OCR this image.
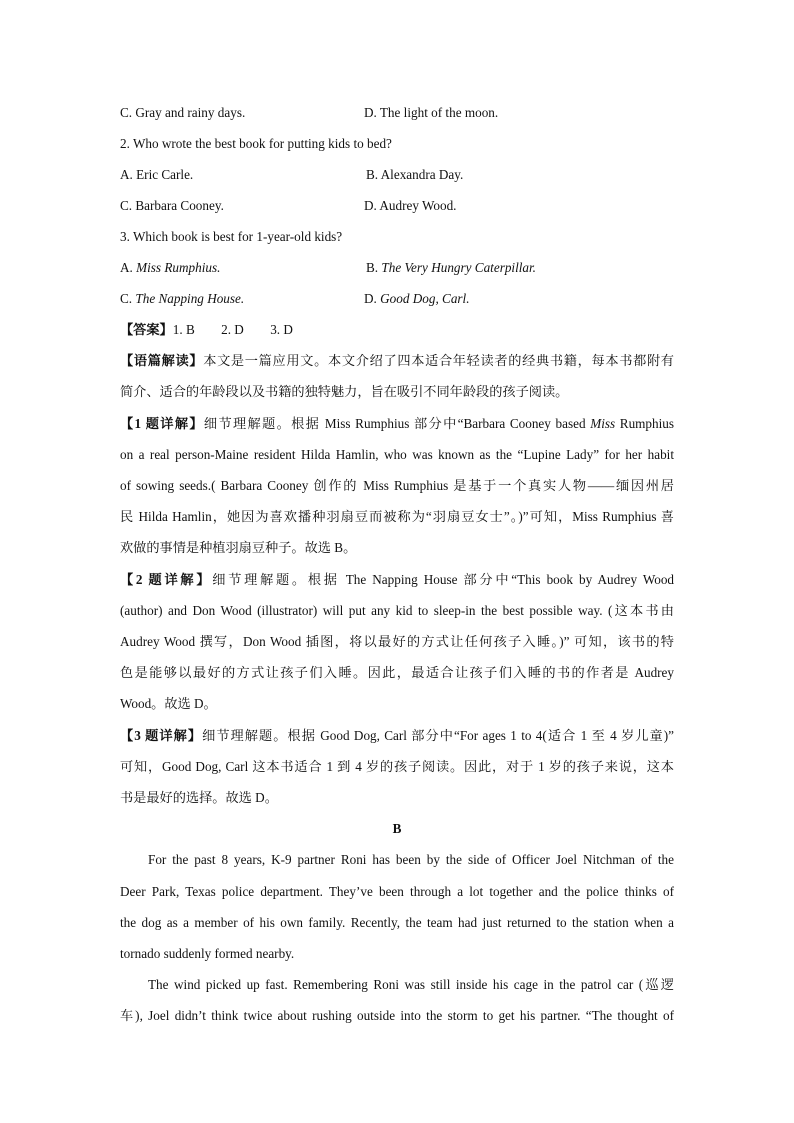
C. Gray and rainy days.	D. The light of the moon.
2. Who wrote the best book for putting kids to bed?
A. Eric Carle.	B. Alexandra Day.
C. Barbara Cooney.	D. Audrey Wood.
3. Which book is best for 1-year-old kids?
A. Miss Rumphius.	B. The Very Hungry Caterpillar.
C. The Napping House.	D. Good Dog, Carl.
【答案】1. B        2. D        3. D
【语篇解读】本文是一篇应用文。本文介绍了四本适合年轻读者的经典书籍，每本书都附有
简介、适合的年龄段以及书籍的独特魅力，旨在吸引不同年龄段的孩子阅读。
【1 题详解】细节理解题。根据 Miss Rumphius 部分中“Barbara Cooney based Miss Rumphius
on a real person-Maine resident Hilda Hamlin, who was known as the “Lupine Lady” for her habit
of sowing seeds.( Barbara Cooney 创作的 Miss Rumphius 是基于一个真实人物——缅因州居
民 Hilda Hamlin，她因为喜欢播种羽扇豆而被称为“羽扇豆女士”。)”可知，Miss Rumphius 喜
欢做的事情是种植羽扇豆种子。故选 B。
【2 题详解】细节理解题。根据 The Napping House 部分中“This book by Audrey Wood
(author) and Don Wood (illustrator) will put any kid to sleep-in the best possible way. (这本书由
Audrey Wood 撰写，Don Wood 插图，将以最好的方式让任何孩子入睡。)” 可知，该书的特
色是能够以最好的方式让孩子们入睡。因此，最适合让孩子们入睡的书的作者是 Audrey
Wood。故选 D。
【3 题详解】细节理解题。根据 Good Dog, Carl 部分中“For ages 1 to 4(适合 1 至 4 岁儿童)”
可知，Good Dog, Carl 这本书适合 1 到 4 岁的孩子阅读。因此，对于 1 岁的孩子来说，这本
书是最好的选择。故选 D。
B
For the past 8 years, K-9 partner Roni has been by the side of Officer Joel Nitchman of the
Deer Park, Texas police department. They’ve been through a lot together and the police thinks of
the dog as a member of his own family. Recently, the team had just returned to the station when a
tornado suddenly formed nearby.
The wind picked up fast. Remembering Roni was still inside his cage in the patrol car (巡逻
车), Joel didn’t think twice about rushing outside into the storm to get his partner. “The thought of
